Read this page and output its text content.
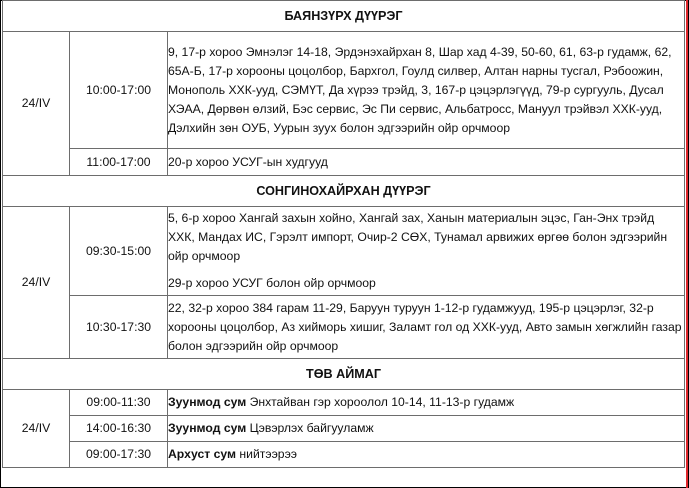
БАЯНЗҮРХ ДҮҮРЭГ		
24/IV	10:00-17:00	9, 17-р хороо Эмнэлэг 14-18, Эрдэнэхайрхан 8, Шар хад 4-39, 50-60, 61, 63-р гудамж, 62, 65А-Б, 17-р хорооны цоцолбор, Бархгол, Гоулд силвер, Алтан нарны тусгал, Рэбоожин, Монополь ХХК-ууд, СЭМҮТ, Да хүрээ трэйд, 3, 167-р цэцэрлэгүүд, 79-р сургууль, Дусал ХЭАА, Дөрвөн өлзий, Бэс сервис, Эс Пи сервис, Альбатросс, Мануул трэйвэл ХХК-ууд, Дэлхийн зөн ОУБ, Уурын зуух болон эдгээрийн ойр орчмоор

	11:00-17:00	20-р хороо УСУГ-ын худгууд

СОНГИНОХАЙРХАН ДҮҮРЭГ		
24/IV	09:30-15:00	5, 6-р хороо Хангай захын хойно, Хангай зах, Ханын материалын эцэс, Ган-Энх трэйд ХХК, Мандах ИС, Гэрэлт импорт, Очир-2 СӨХ, Тунамал арвижих өргөө болон эдгээрийн ойр орчмоор

29-р хороо УСУГ болон ойр орчмоор

	10:30-17:30	22, 32-р хороо 384 гарам 11-29, Баруун туруун 1-12-р гудамжууд, 195-р цэцэрлэг, 32-р хорооны цоцолбор, Аз хиймoрь хишиг, Заламт гол од ХХК-ууд, Авто замын хөгжлийн газар болон эдгээрийн ойр орчмоор

ТӨВ АЙМАГ		
24/IV	09:00-11:30	Зуунмод сум Энхтайван гэр хороолол 10-14, 11-13-р гудамж
	14:00-16:30	Зуунмод сум Цэвэрлэх байгууламж
	09:00-17:30	Архуст сум нийтээрээ
